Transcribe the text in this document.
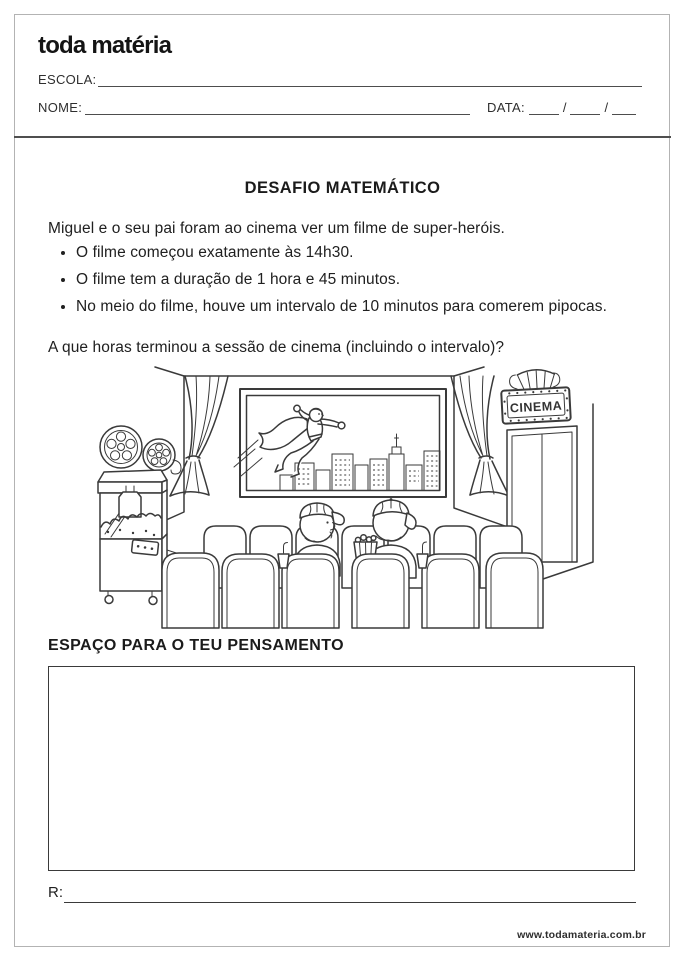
toda matéria
ESCOLA:
NOME:	DATA:	/	/
DESAFIO MATEMÁTICO
Miguel e o seu pai foram ao cinema ver um filme de super-heróis.
• O filme começou exatamente às 14h30.
• O filme tem a duração de 1 hora e 45 minutos.
• No meio do filme, houve um intervalo de 10 minutos para comerem pipocas.
A que horas terminou a sessão de cinema (incluindo o intervalo)?
CINEMA
ESPAÇO PARA O TEU PENSAMENTO
R:
www.todamateria.com.br
